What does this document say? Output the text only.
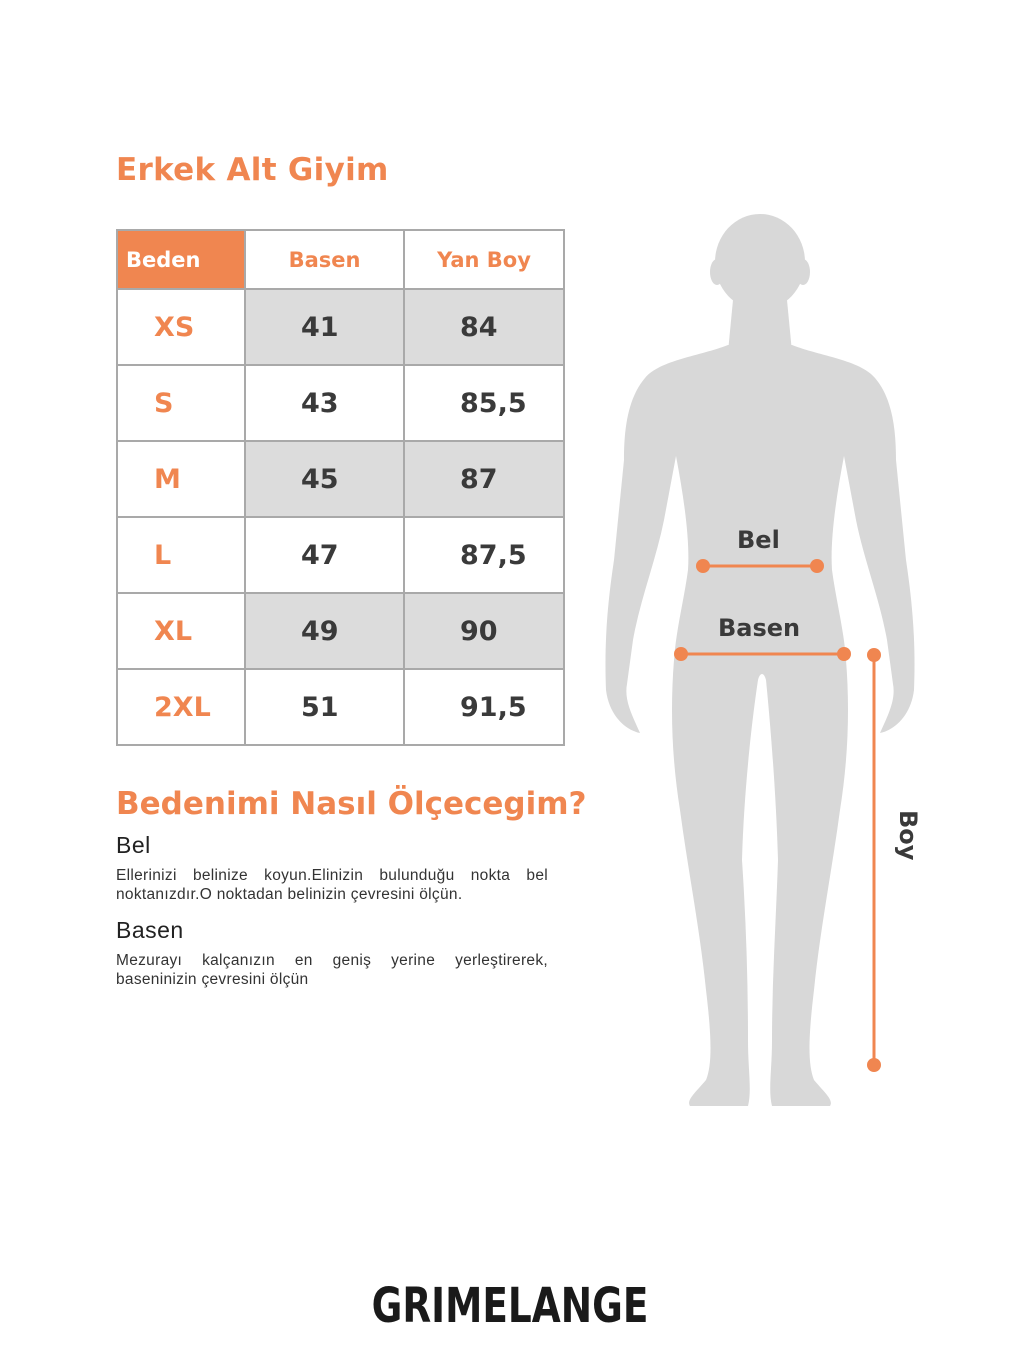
Erkek Alt Giyim
Beden	Basen	Yan Boy
XS	41	84
S	43	85,5
M	45	87
L	47	87,5
XL	49	90
2XL	51	91,5
Bedenimi Nasıl Ölçecegim?
Bel
Ellerinizi belinize koyun.Elinizin bulunduğu nokta bel noktanızdır.O noktadan belinizin çevresini ölçün.
Basen
Mezurayı kalçanızın en geniş yerine yerleştirerek, baseninizin çevresini ölçün
Bel
Basen
Boy
GRIMELANGE
